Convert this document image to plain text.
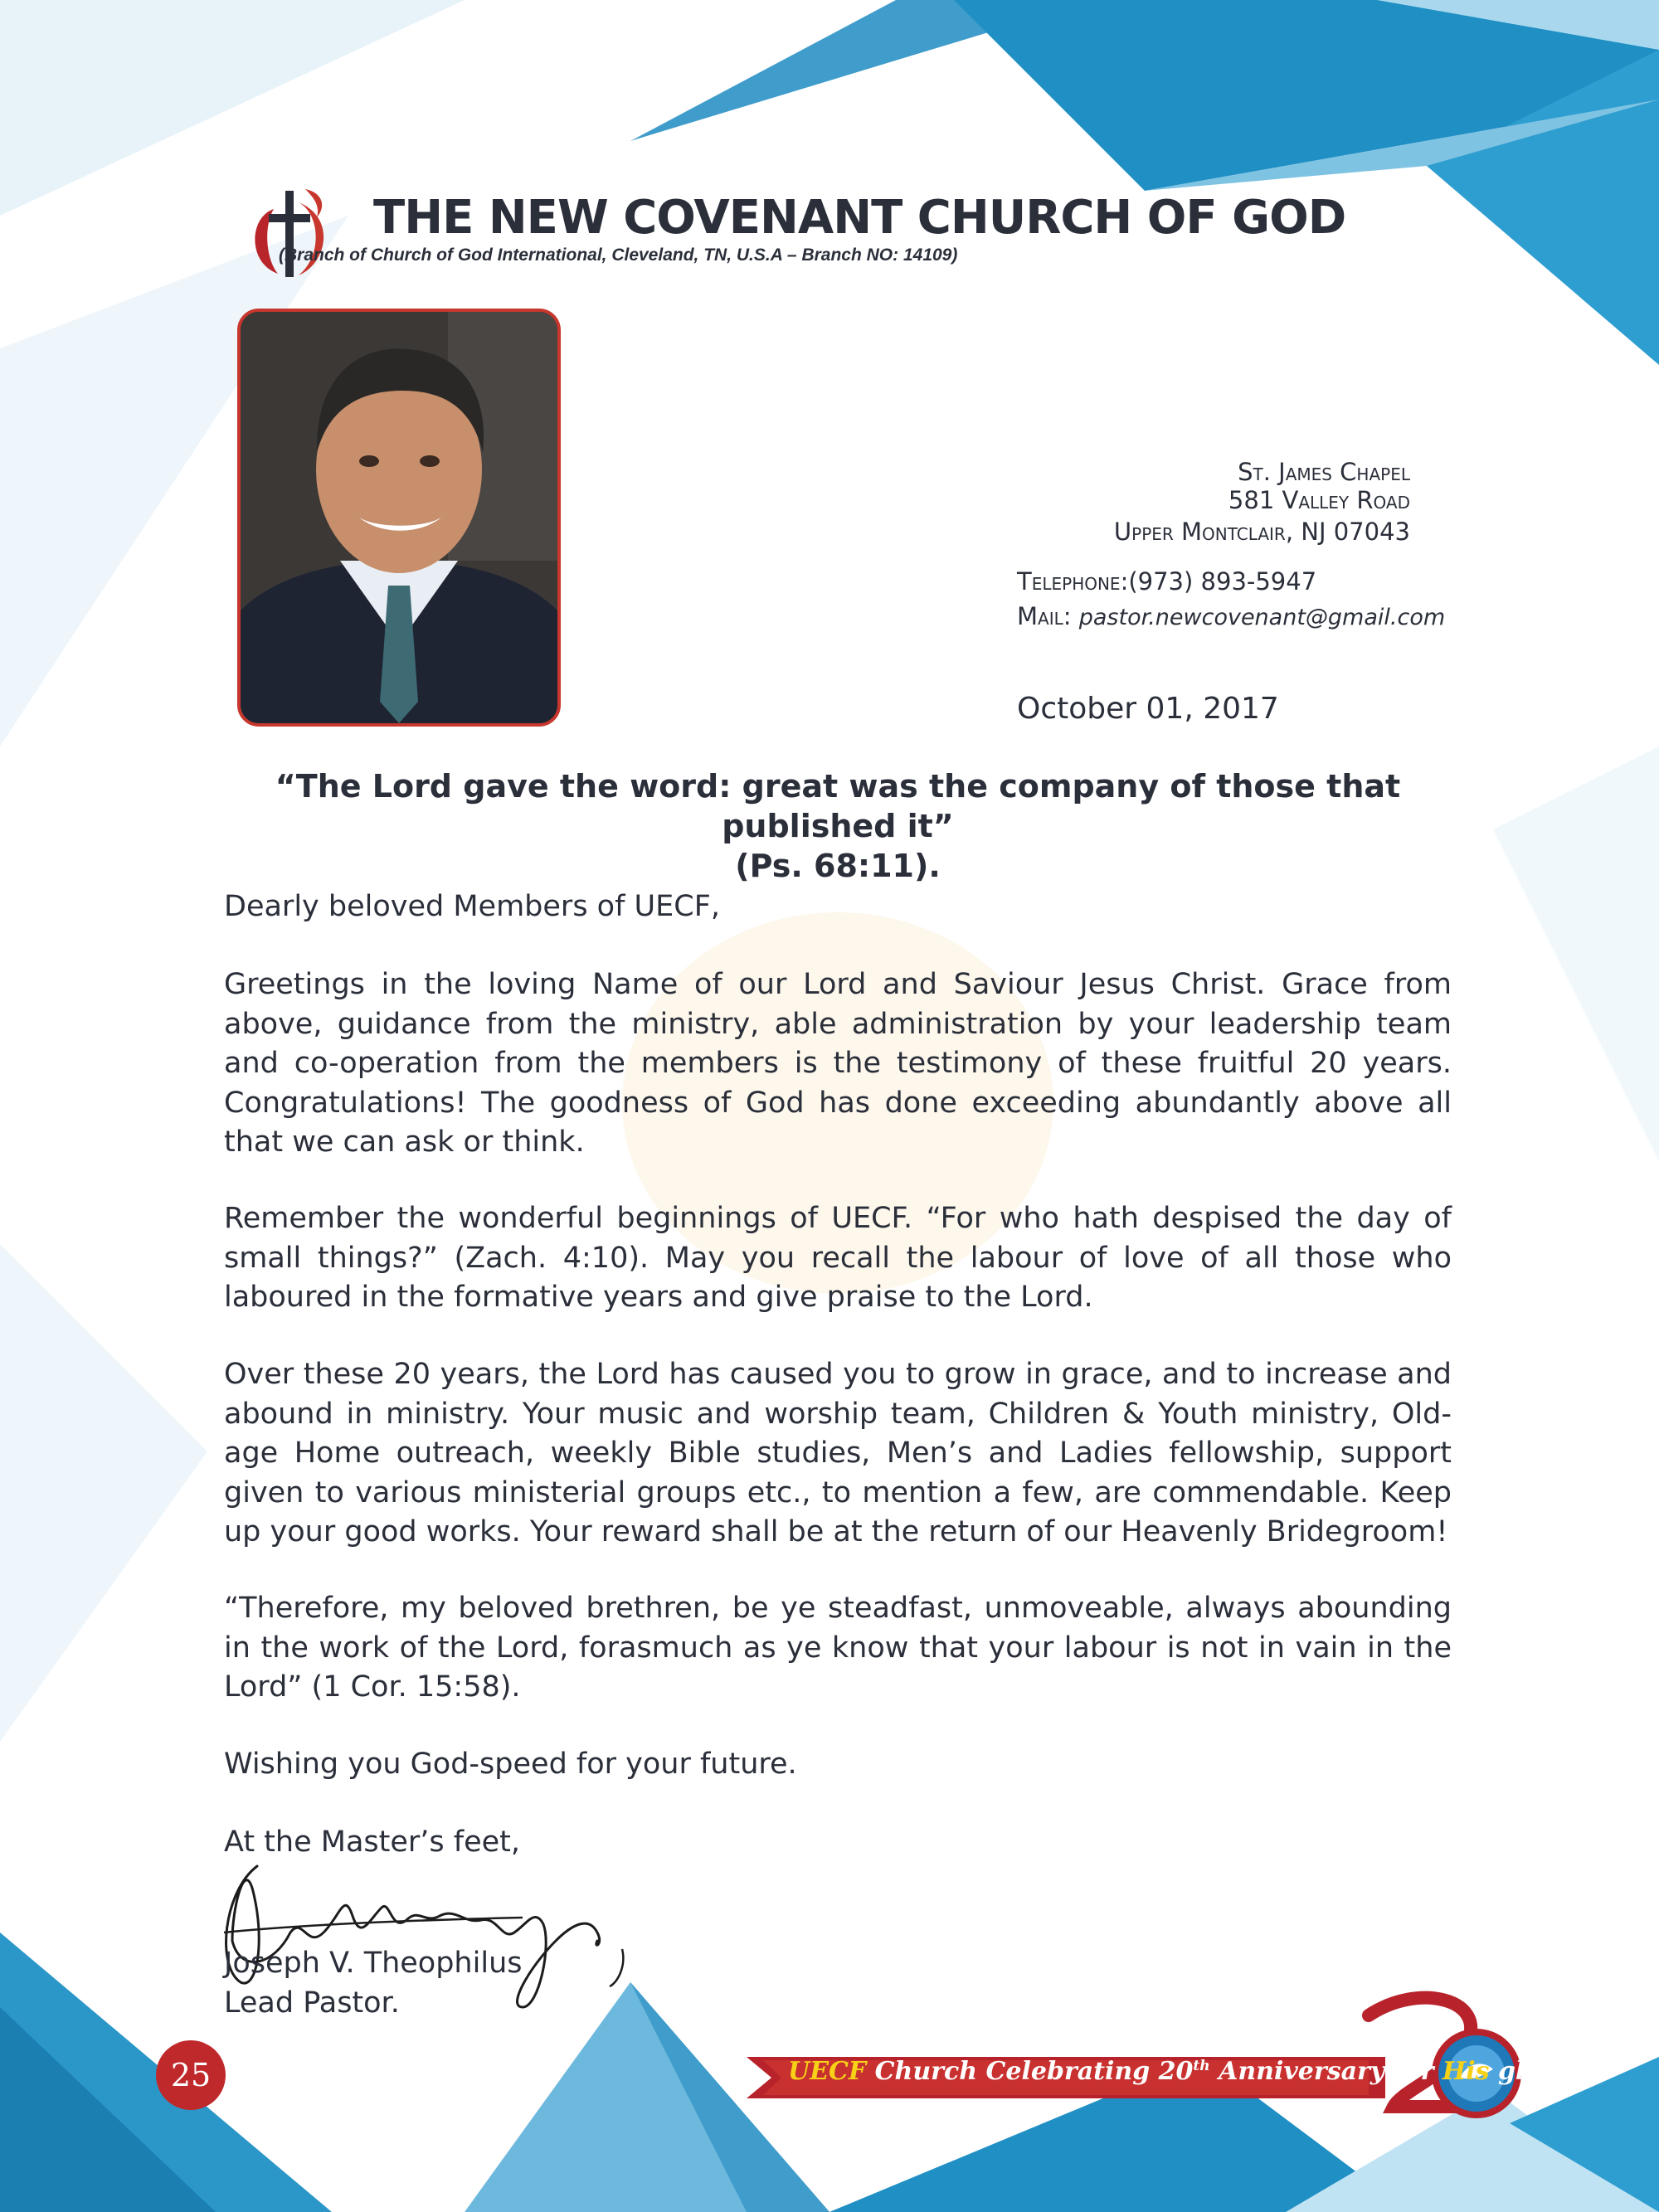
THE NEW COVENANT CHURCH OF GOD
(Branch of Church of God International, Cleveland, TN, U.S.A – Branch NO: 14109)
St. James Chapel
581 Valley Road
Upper Montclair, NJ 07043
Telephone:(973) 893-5947
Mail: pastor.newcovenant@gmail.com
October 01, 2017
“The Lord gave the word: great was the company of those that published it”
(Ps. 68:11).
Dearly beloved Members of UECF,
Greetings in the loving Name of our Lord and Saviour Jesus Christ. Grace from above, guidance from the ministry, able administration by your leadership team and co-operation from the members is the testimony of these fruitful 20 years. Congratulations! The goodness of God has done exceeding abundantly above all that we can ask or think.
Remember the wonderful beginnings of UECF. “For who hath despised the day of small things?” (Zach. 4:10). May you recall the labour of love of all those who laboured in the formative years and give praise to the Lord.
Over these 20 years, the Lord has caused you to grow in grace, and to increase and abound in ministry. Your music and worship team, Children & Youth ministry, Old-age Home outreach, weekly Bible studies, Men’s and Ladies fellowship, support given to various ministerial groups etc., to mention a few, are commendable. Keep up your good works. Your reward shall be at the return of our Heavenly Bridegroom!
“Therefore, my beloved brethren, be ye steadfast, unmoveable, always abounding in the work of the Lord, forasmuch as ye know that your labour is not in vain in the Lord” (1 Cor. 15:58).
Wishing you God-speed for your future.
At the Master’s feet,
Joseph V. Theophilus
Lead Pastor.
25	UECF Church Celebrating 20th Anniversary for His glory
